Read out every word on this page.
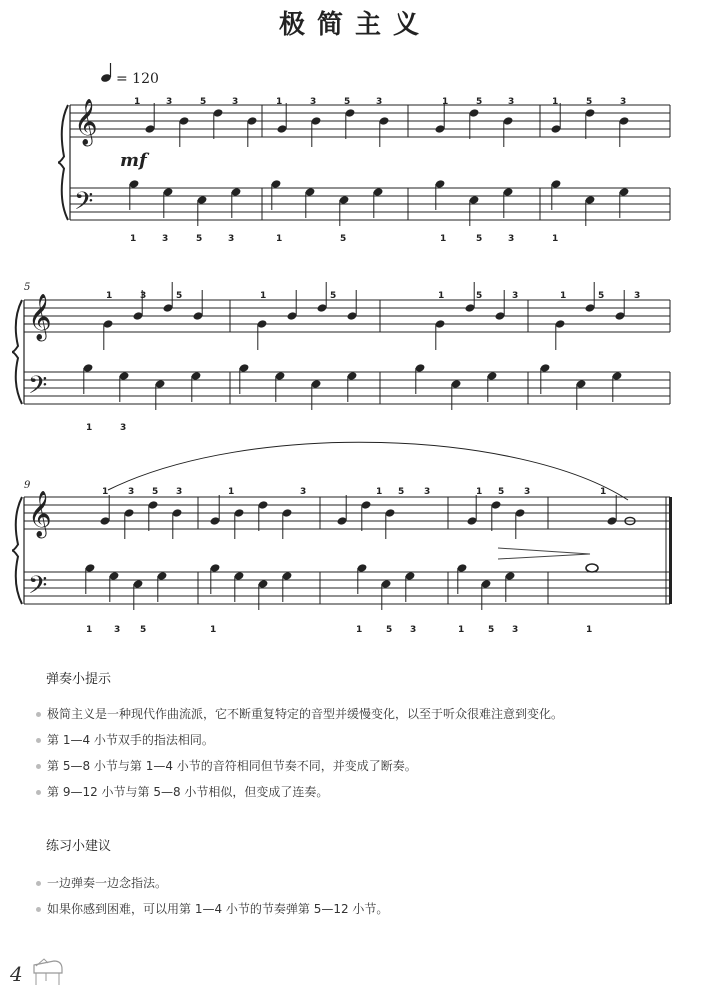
极简主义
𝄞
𝄢
𝄞
𝄢
𝄞
𝄢
1	3	5	3	1	3	5	3	1	5	3	1	5	3
1	3	5	3	1	5	1	5	3	1
1	3	5	1	5	1	5	3	1	5	3
1	3
1 3 5 3	1	3	1 5 3	1 5 3	1
1 3 5	1	1	5 3	1	5 3	1
= 120
mf
5
9
弹奏小提示
极简主义是一种现代作曲流派，它不断重复特定的音型并缓慢变化，以至于听众很难注意到变化。
第 1—4 小节双手的指法相同。
第 5—8 小节与第 1—4 小节的音符相同但节奏不同，并变成了断奏。
第 9—12 小节与第 5—8 小节相似，但变成了连奏。
练习小建议
一边弹奏一边念指法。
如果你感到困难，可以用第 1—4 小节的节奏弹第 5—12 小节。
4
